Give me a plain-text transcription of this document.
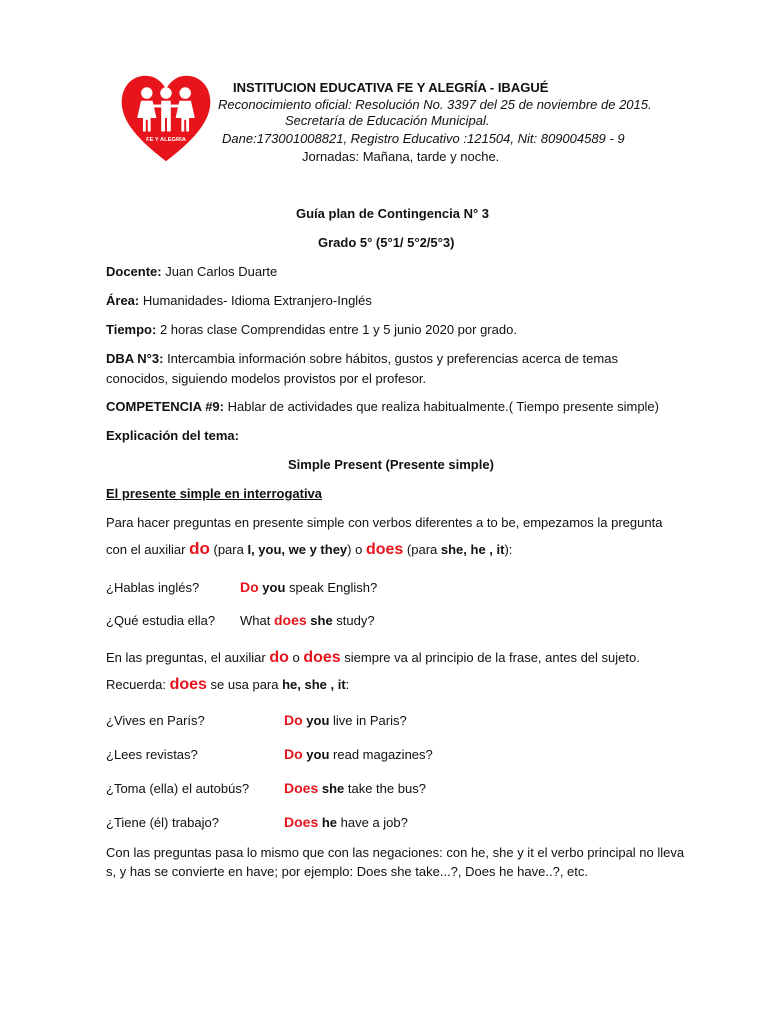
FE Y ALEGRIA
INSTITUCION EDUCATIVA FE Y ALEGRÍA - IBAGUÉ
Reconocimiento oficial: Resolución No. 3397 del 25 de noviembre de 2015.
Secretaría de Educación Municipal.
Dane:173001008821, Registro Educativo :121504, Nit: 809004589 - 9
Jornadas: Mañana, tarde y noche.
Guía plan de Contingencia N° 3
Grado 5° (5°1/ 5°2/5°3)
Docente: Juan Carlos Duarte
Área: Humanidades- Idioma Extranjero-Inglés
Tiempo: 2 horas clase Comprendidas entre 1 y 5 junio 2020 por grado.
DBA N°3: Intercambia información sobre hábitos, gustos y preferencias acerca de temas
conocidos, siguiendo modelos provistos por el profesor.
COMPETENCIA #9: Hablar de actividades que realiza habitualmente.( Tiempo presente simple)
Explicación del tema:
Simple Present (Presente simple)
El presente simple en interrogativa
Para hacer preguntas en presente simple con verbos diferentes a to be, empezamos la pregunta
con el auxiliar do (para I, you, we y they) o does (para she, he , it):
¿Hablas inglés?	Do you speak English?
¿Qué estudia ella? What does she study?
En las preguntas, el auxiliar do o does siempre va al principio de la frase, antes del sujeto.
Recuerda: does se usa para he, she , it:
¿Vives en París?	Do you live in Paris?
¿Lees revistas?	Do you read magazines?
¿Toma (ella) el autobús? Does she take the bus?
¿Tiene (él) trabajo?	Does he have a job?
Con las preguntas pasa lo mismo que con las negaciones: con he, she y it el verbo principal no lleva
s, y has se convierte en have; por ejemplo: Does she take...?, Does he have..?, etc.
